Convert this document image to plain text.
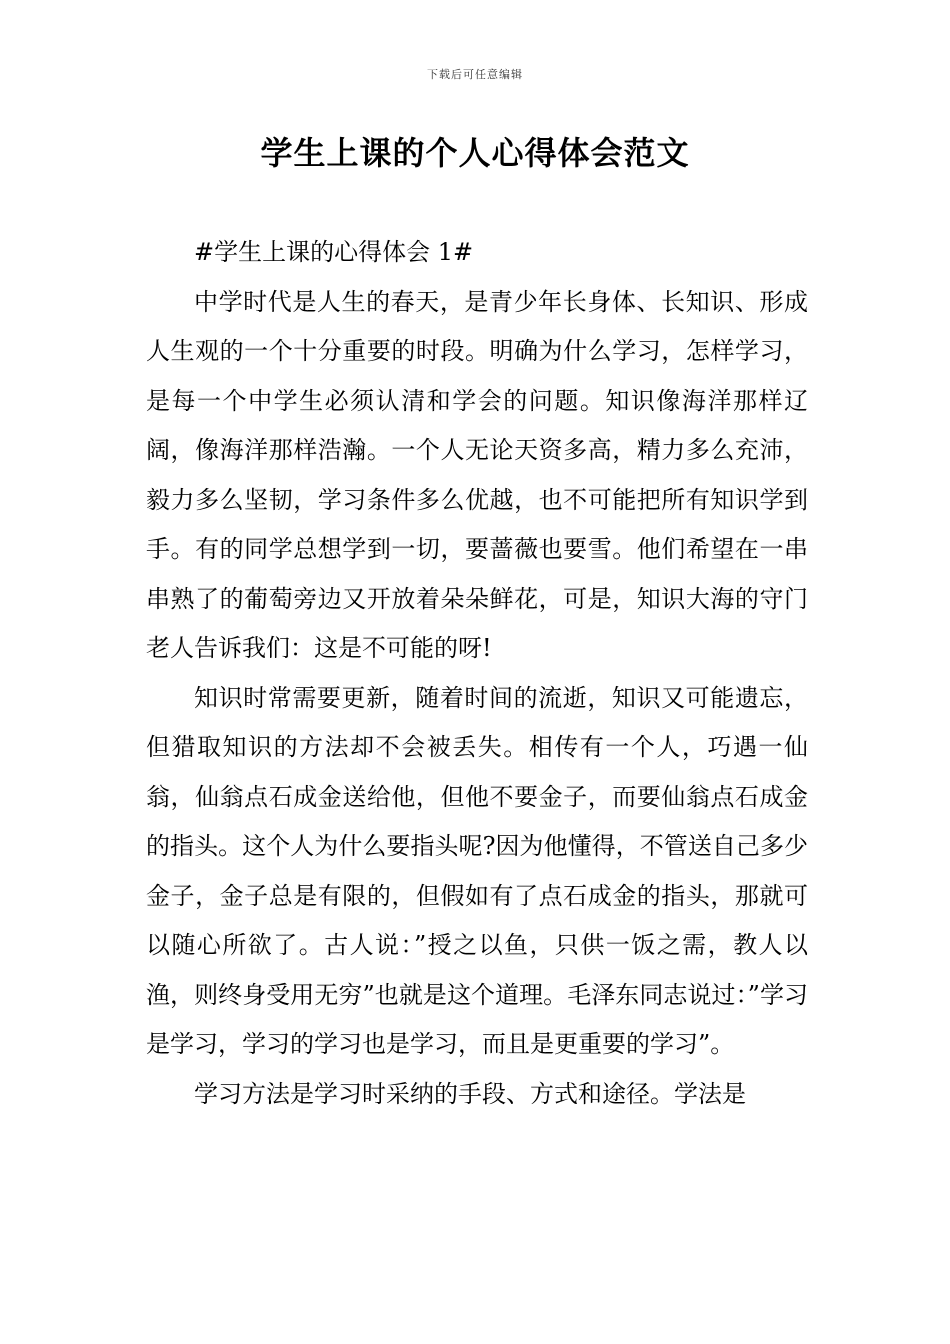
下载后可任意编辑
学生上课的个人心得体会范文

#学生上课的心得体会 1#

中学时代是人生的春天，是青少年长身体、长知识、形成人生观的一个十分重要的时段。明确为什么学习，怎样学习，是每一个中学生必须认清和学会的问题。知识像海洋那样辽阔，像海洋那样浩瀚。一个人无论天资多高，精力多么充沛，毅力多么坚韧，学习条件多么优越，也不可能把所有知识学到手。有的同学总想学到一切，要蔷薇也要雪。他们希望在一串串熟了的葡萄旁边又开放着朵朵鲜花，可是，知识大海的守门老人告诉我们：这是不可能的呀!

知识时常需要更新，随着时间的流逝，知识又可能遗忘，但猎取知识的方法却不会被丢失。相传有一个人，巧遇一仙翁，仙翁点石成金送给他，但他不要金子，而要仙翁点石成金的指头。这个人为什么要指头呢?因为他懂得，不管送自己多少金子，金子总是有限的，但假如有了点石成金的指头，那就可以随心所欲了。古人说：”授之以鱼，只供一饭之需，教人以渔，则终身受用无穷”也就是这个道理。毛泽东同志说过：”学习是学习，学习的学习也是学习，而且是更重要的学习”。

学习方法是学习时采纳的手段、方式和途径。学法是
